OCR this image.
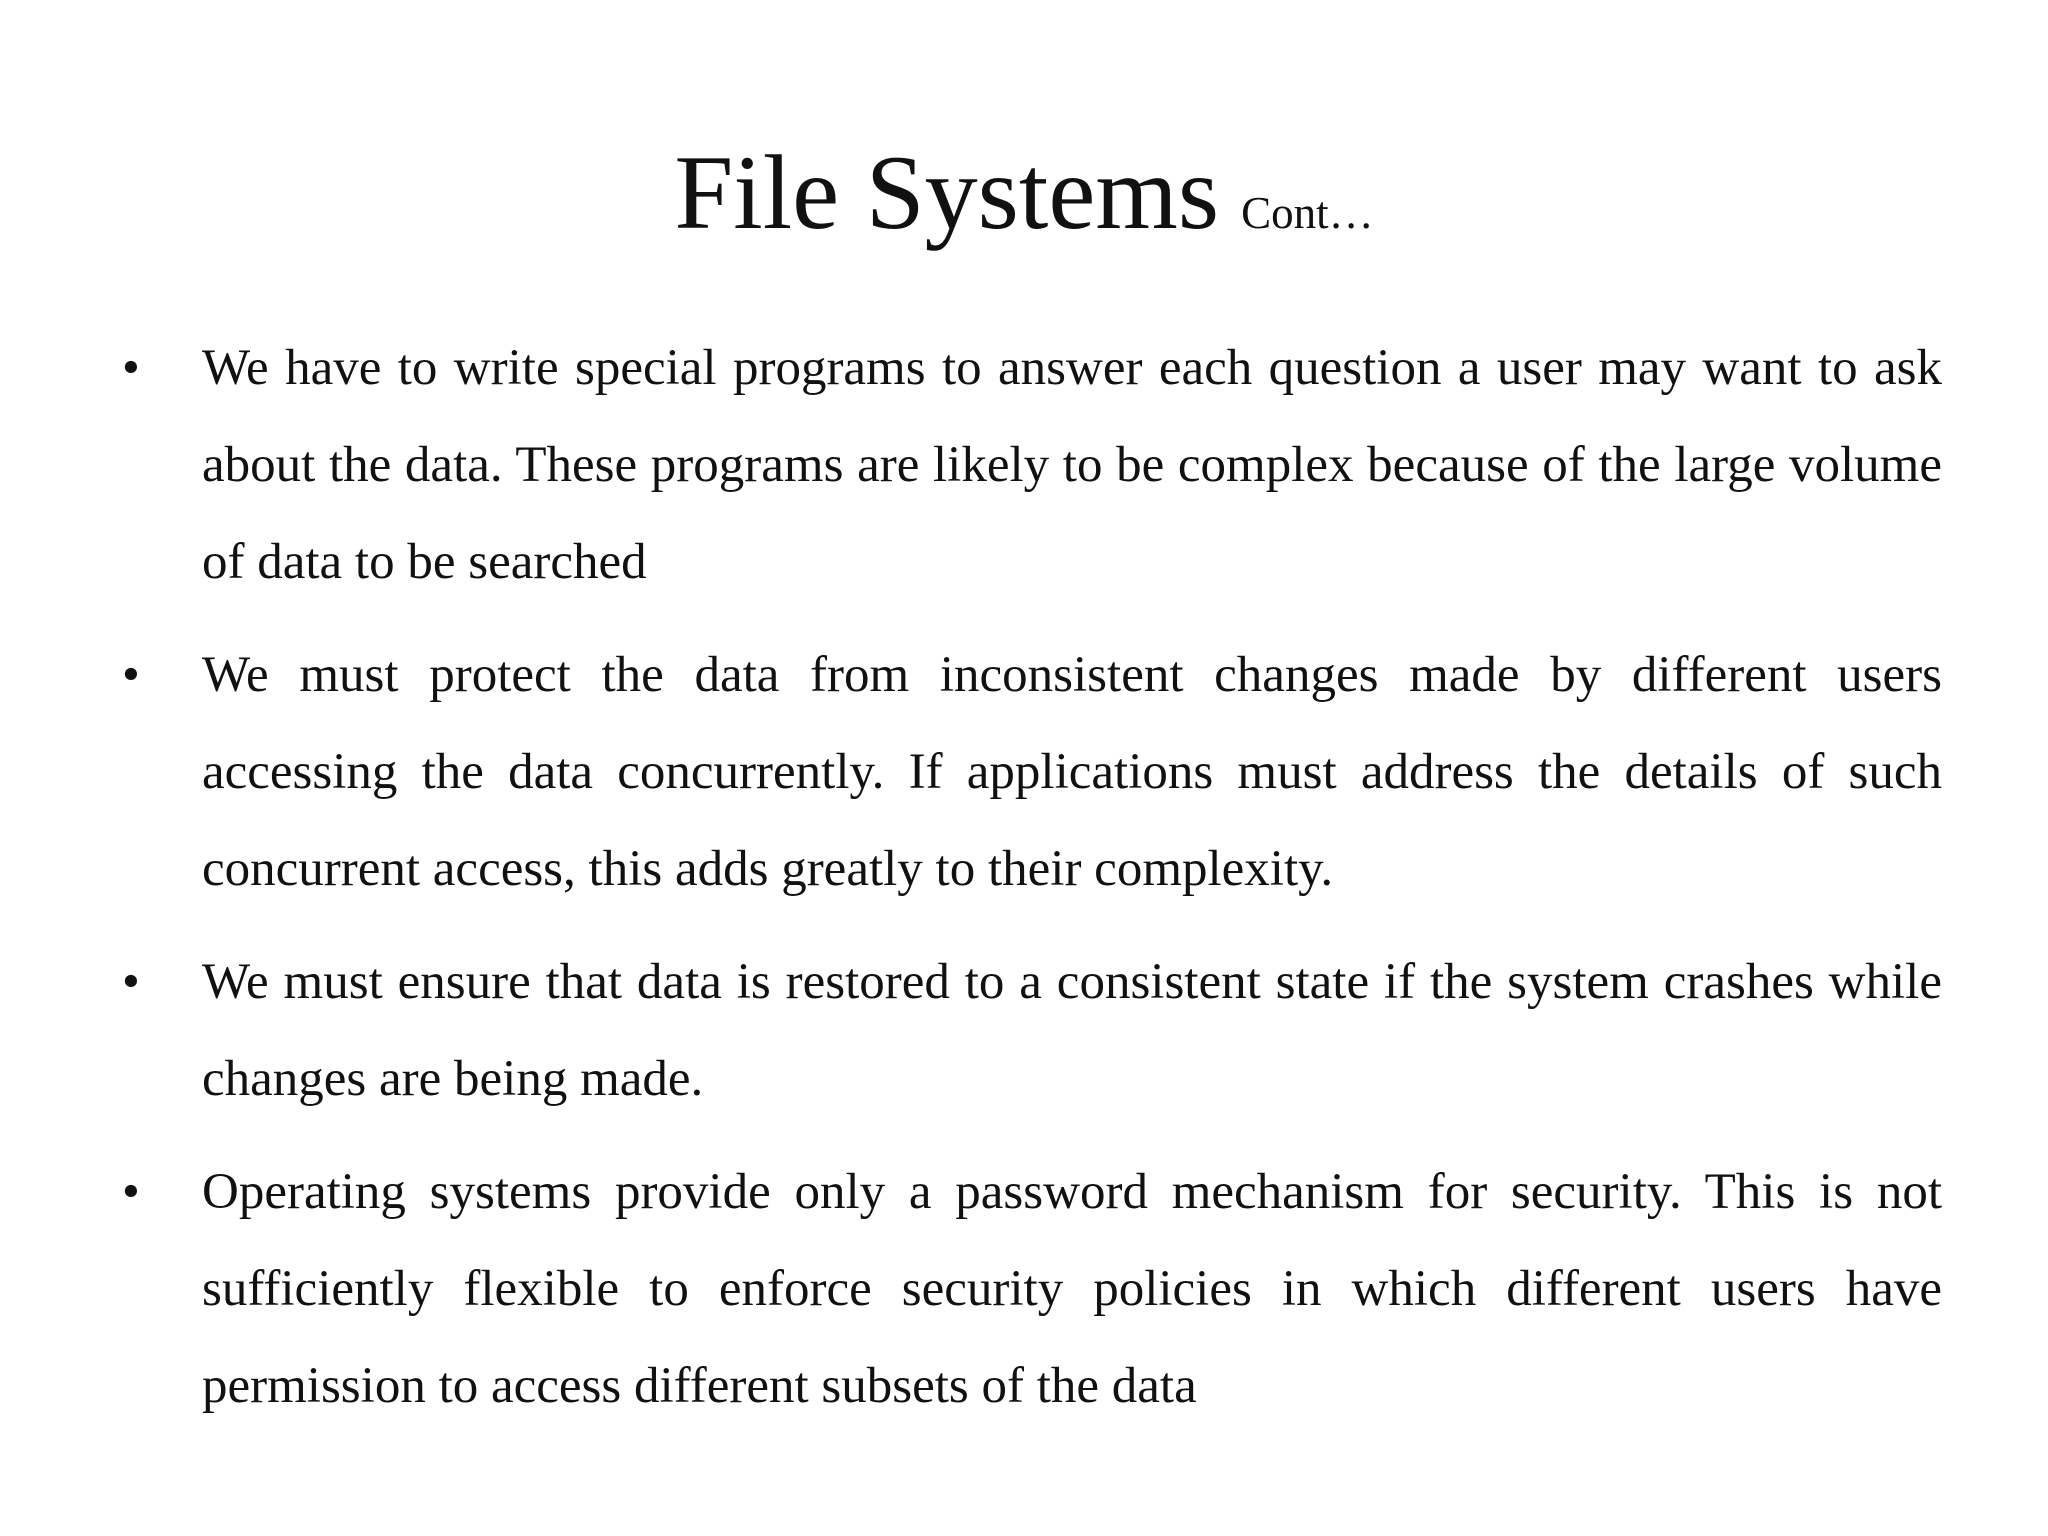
File Systems Cont…
• We have to write special programs to answer each question a user may want to ask about the data. These programs are likely to be complex because of the large volume of data to be searched
• We must protect the data from inconsistent changes made by different users accessing the data concurrently. If applications must address the details of such concurrent access, this adds greatly to their complexity.
• We must ensure that data is restored to a consistent state if the system crashes while changes are being made.
• Operating systems provide only a password mechanism for security. This is not sufficiently flexible to enforce security policies in which different users have permission to access different subsets of the data
